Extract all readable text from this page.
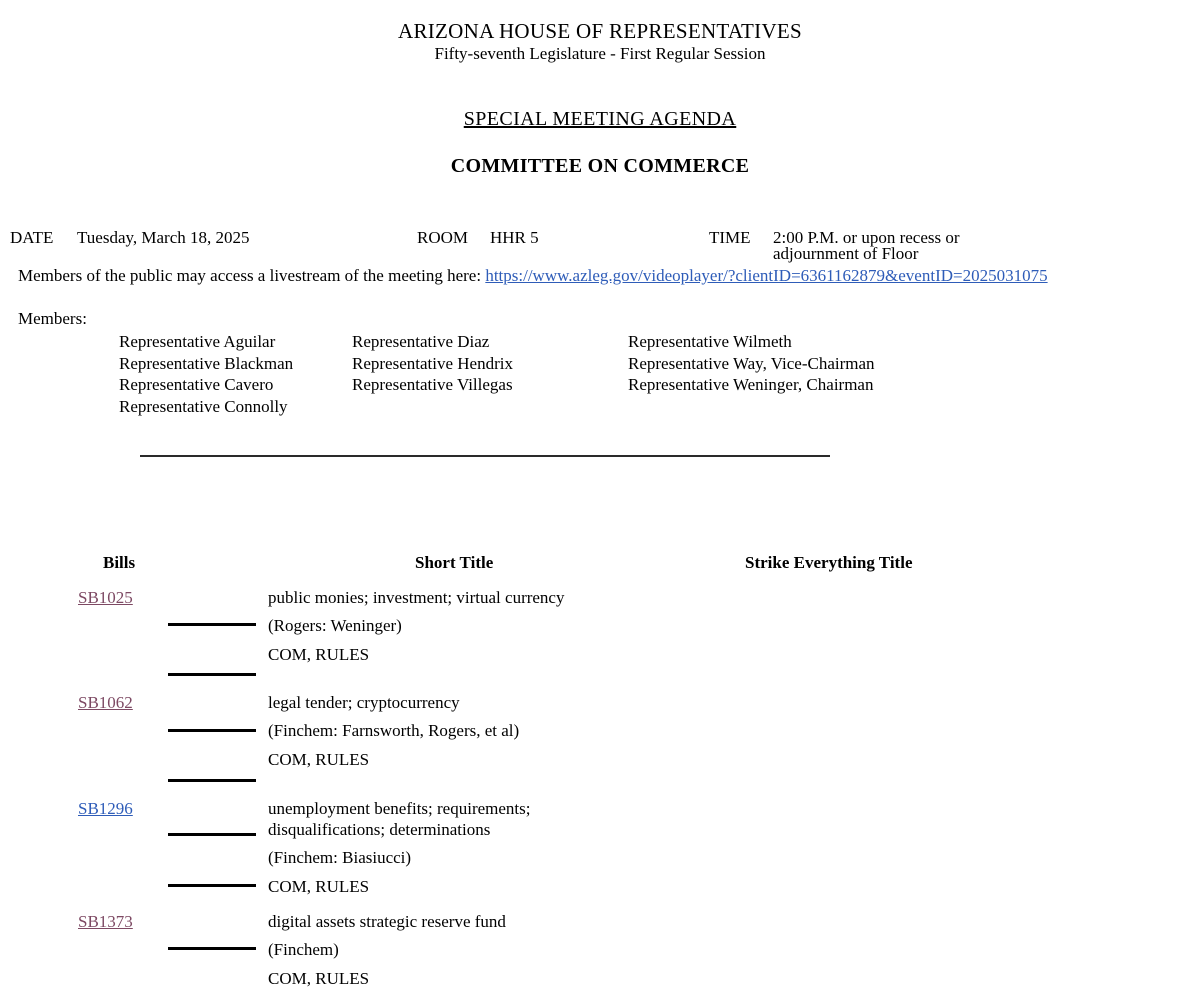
ARIZONA HOUSE OF REPRESENTATIVES
Fifty-seventh Legislature - First Regular Session
SPECIAL MEETING AGENDA
COMMITTEE ON COMMERCE
DATE Tuesday, March 18, 2025	ROOM HHR 5	TIME 2:00 P.M. or upon recess or
adjournment of Floor
Members of the public may access a livestream of the meeting here: https://www.azleg.gov/videoplayer/?clientID=6361162879&eventID=2025031075
Members:
Representative Aguilar
Representative Blackman
Representative Cavero
Representative Connolly
Representative Diaz
Representative Hendrix
Representative Villegas
Representative Wilmeth
Representative Way, Vice-Chairman
Representative Weninger, Chairman
Bills	Short Title	Strike Everything Title
SB1025	public monies; investment; virtual currency
(Rogers: Weninger)
COM, RULES
SB1062	legal tender; cryptocurrency
(Finchem: Farnsworth, Rogers, et al)
COM, RULES
SB1296	unemployment benefits; requirements;
disqualifications; determinations
(Finchem: Biasiucci)
COM, RULES
SB1373	digital assets strategic reserve fund
(Finchem)
COM, RULES
